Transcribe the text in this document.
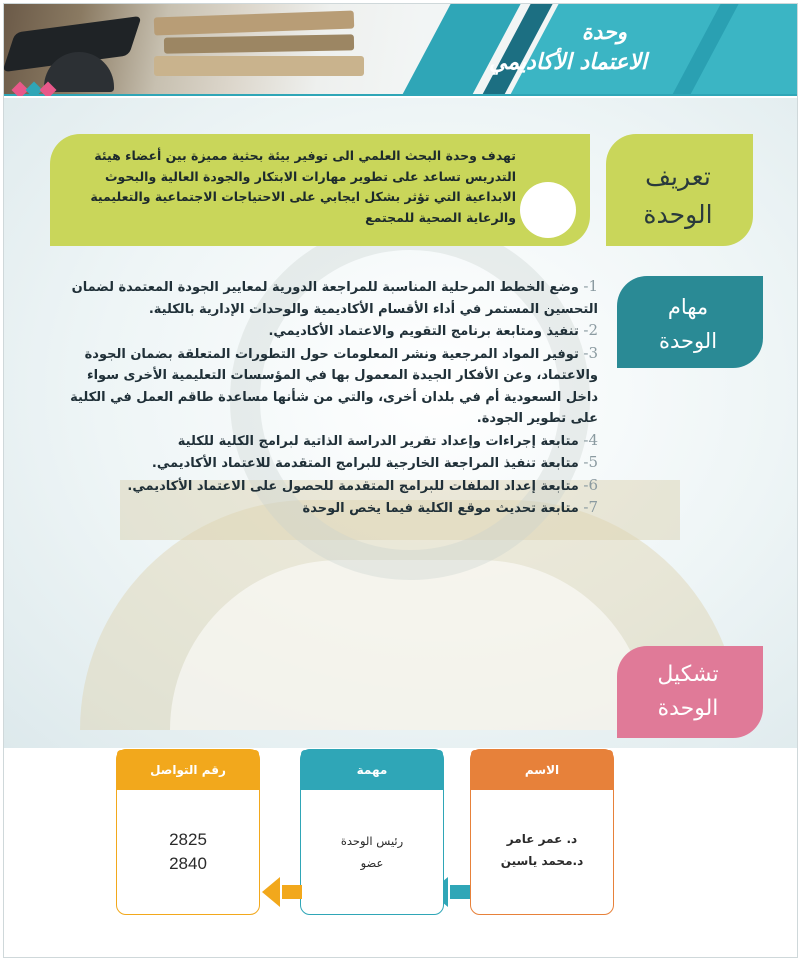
وحدة
الاعتماد الأكاديمي
تعريف
الوحدة
تهدف وحدة البحث العلمي الى توفير بيئة بحثية مميزة بين أعضاء هيئة التدريس تساعد على تطوير مهارات الابتكار والجودة العالية والبحوث الابداعية التي تؤثر بشكل ايجابي على الاحتياجات الاجتماعية والتعليمية والرعاية الصحية للمجتمع
مهام
الوحدة
1- وضع الخطط المرحلية المناسبة للمراجعة الدورية لمعايير الجودة المعتمدة لضمان التحسين المستمر في أداء الأقسام الأكاديمية والوحدات الإدارية بالكلية.
2- تنفيذ ومتابعة برنامج التقويم والاعتماد الأكاديمي.
3- توفير المواد المرجعية ونشر المعلومات حول التطورات المتعلقة بضمان الجودة والاعتماد، وعن الأفكار الجيدة المعمول بها في المؤسسات التعليمية الأخرى سواء داخل السعودية أم في بلدان أخرى، والتي من شأنها مساعدة طاقم العمل في الكلية على تطوير الجودة.
4- متابعة إجراءات وإعداد تقرير الدراسة الذاتية لبرامج الكلية للكلية
5- متابعة تنفيذ المراجعة الخارجية للبرامج المتقدمة للاعتماد الأكاديمي.
6- متابعة إعداد الملفات للبرامج المتقدمة للحصول على الاعتماد الأكاديمي.
7- متابعة تحديث موقع الكلية فيما يخص الوحدة
تشكيل
الوحدة
الاسم
د. عمر عامر
د.محمد ياسين
مهمة
رئيس الوحدة
عضو
رقم التواصل
2825
2840
